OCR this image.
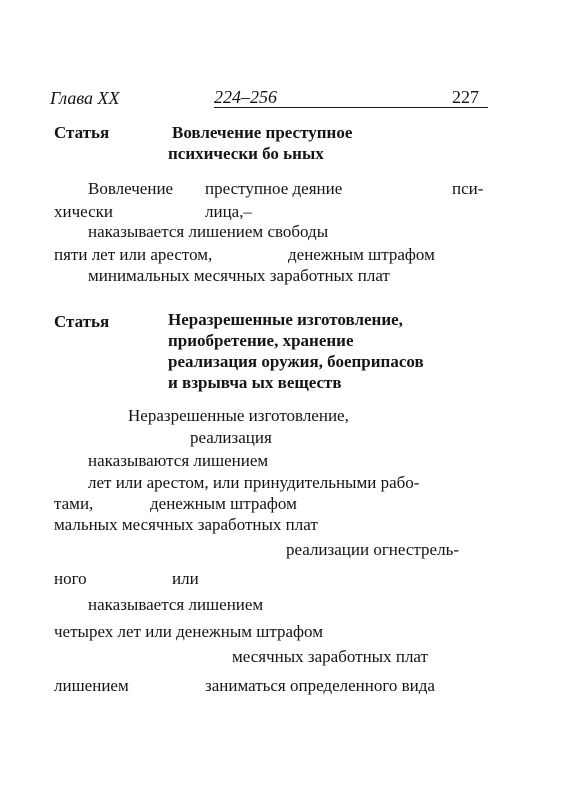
Глава XX	224–256	227
Статья	Вовлечение преступное
психически бо ьных
Вовлечение преступное деяние	пси-
хически	лица,–
наказывается лишением свободы
пяти лет или арестом,	денежным штрафом
минимальных месячных заработных плат
Статья	Неразрешенные изготовление,
приобретение, хранение
реализация оружия, боеприпасов
и взрывча ых веществ
Неразрешенные изготовление,
реализация
наказываются лишением
лет или арестом, или принудительными рабо-
тами,	денежным штрафом
мальных месячных заработных плат
реализации огнестрель-
ного	или
наказывается лишением
четырех лет или денежным штрафом
месячных заработных плат
лишением	заниматься определенного вида
